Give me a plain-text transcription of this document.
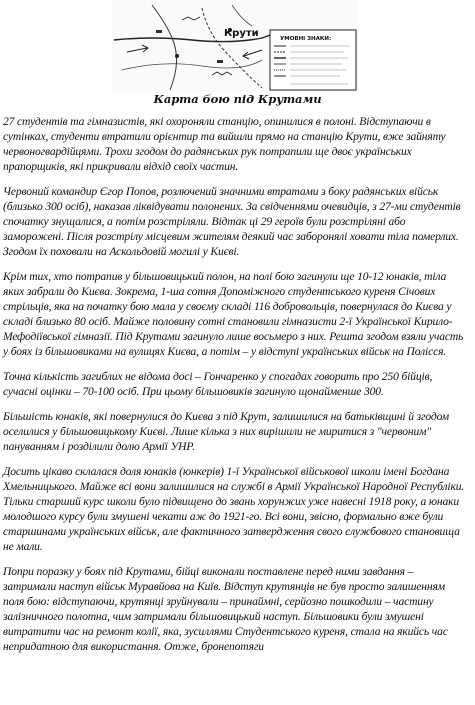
Крути	УМОВНІ ЗНАКИ:
Карта бою під Крутами

27 студентів та гімназистів, які охороняли станцію, опинилися в полоні. Відступаючи в сутінках, студенти втратили орієнтир та вийшли прямо на станцію Крути, вже зайняту червоногвардійцями. Трохи згодом до радянських рук потрапили ще двоє українських прапорщиків, які прикривали відхід своїх частин.

Червоний командир Єгор Попов, розлючений значними втратами з боку радянських військ (близько 300 осіб), наказав ліквідувати полонених. За свідченнями очевидців, з 27-ми студентів спочатку знущалися, а потім розстріляли. Відтак ці 29 героїв були розстріляні або заморожені. Після розстрілу місцевим жителям деякий час заборонялі ховати тіла померлих. Згодом їх поховали на Аскольдовій могилі у Києві.

Крім тих, хто потрапив у більшовицький полон, на полі бою загинули ще 10-12 юнаків, тіла яких забрали до Києва. Зокрема, 1-ша сотня Допоміжного студентського куреня Січових стрільців, яка на початку бою мала у своєму складі 116 добровольців, повернулася до Києва у складі близько 80 осіб. Майже половину сотні становили гімназисти 2-ї Української Кирило-Мефодіївської гімназії. Під Крутами загинуло лише восьмеро з них. Решта згодом взяли участь у боях із більшовиками на вулицях Києва, а потім – у відступі українських військ на Полісся.

Точна кількість загиблих не відома досі – Гончаренко у спогадах говорить про 250 бійців, сучасні оцінки – 70-100 осіб. При цьому більшовиків загинуло щонайменше 300.

Більшість юнаків, які повернулися до Києва з під Крут, залишилися на батьківщині й згодом оселилися у більшовицькому Києві. Лише кілька з них вирішили не миритися з "червоним" пануванням і розділили долю Армії УНР.

Досить цікаво склалася доля юнаків (юнкерів) 1-ї Української військової школи імені Богдана Хмельницького. Майже всі вони залишилися на службі в Армії Української Народної Республіки. Тільки старший курс школи було підвищено до звань хорунжих уже навесні 1918 року, а юнаки молодшого курсу були змушені чекати аж до 1921-го. Всі вони, звісно, формально вже були старшинами українських військ, але фактичного затвердження свого службового становища не мали.

Попри поразку у боях під Крутами, бійці виконали поставлене перед ними завдання – затримали наступ військ Муравйова на Київ. Відступ крутянців не був просто залишенням поля бою: відступаючи, крутянці зруйнували – принаймні, серйозно пошкодили – частину залізничного полотна, чим затримали більшовицький наступ. Більшовики були змушені витратити час на ремонт колії, яка, зусиллями Студентського куреня, стала на якийсь час непридатною для використання. Отже, бронепотяги
